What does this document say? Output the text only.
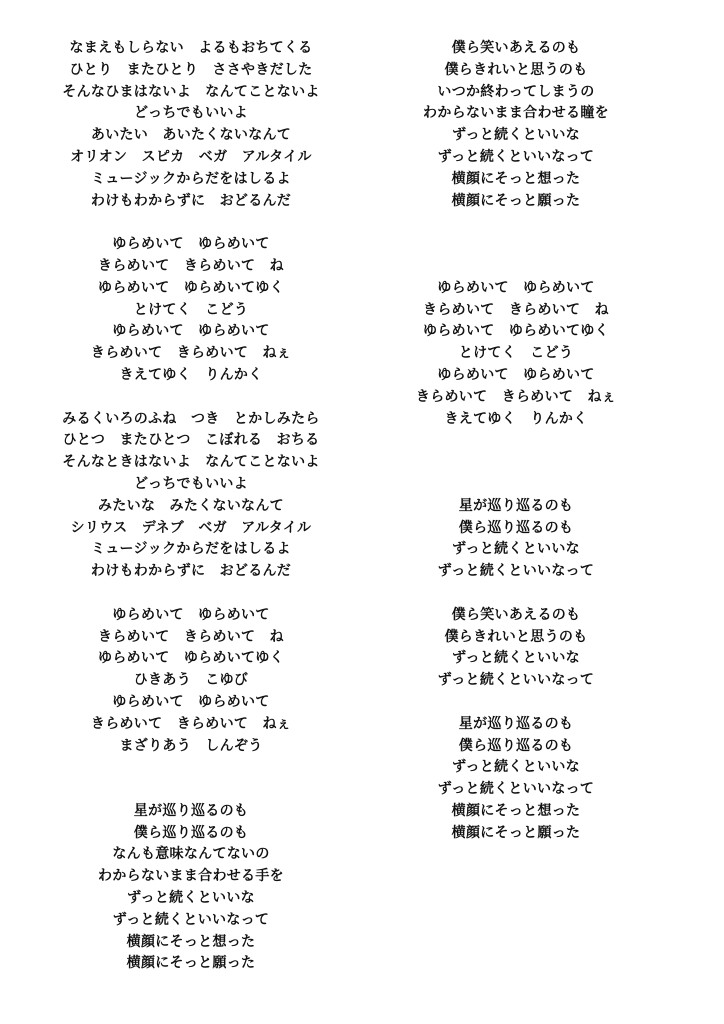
なまえもしらない　よるもおちてくる
ひとり　またひとり　ささやきだした
そんなひまはないよ　なんてことないよ
どっちでもいいよ
あいたい　あいたくないなんて
オリオン　スピカ　ベガ　アルタイル
ミュージックからだをはしるよ
わけもわからずに　おどるんだ
ゆらめいて　ゆらめいて
きらめいて　きらめいて　ね
ゆらめいて　ゆらめいてゆく
とけてく　こどう
ゆらめいて　ゆらめいて
きらめいて　きらめいて　ねぇ
きえてゆく　りんかく
みるくいろのふね　つき　とかしみたら
ひとつ　またひとつ　こぼれる　おちる
そんなときはないよ　なんてことないよ
どっちでもいいよ
みたいな　みたくないなんて
シリウス　デネブ　ベガ　アルタイル
ミュージックからだをはしるよ
わけもわからずに　おどるんだ
ゆらめいて　ゆらめいて
きらめいて　きらめいて　ね
ゆらめいて　ゆらめいてゆく
ひきあう　こゆび
ゆらめいて　ゆらめいて
きらめいて　きらめいて　ねぇ
まざりあう　しんぞう
星が巡り巡るのも
僕ら巡り巡るのも
なんも意味なんてないの
わからないまま合わせる手を
ずっと続くといいな
ずっと続くといいなって
横顔にそっと想った
横顔にそっと願った
僕ら笑いあえるのも
僕らきれいと思うのも
いつか終わってしまうの
わからないまま合わせる瞳を
ずっと続くといいな
ずっと続くといいなって
横顔にそっと想った
横顔にそっと願った
ゆらめいて　ゆらめいて
きらめいて　きらめいて　ね
ゆらめいて　ゆらめいてゆく
とけてく　こどう
ゆらめいて　ゆらめいて
きらめいて　きらめいて　ねぇ
きえてゆく　りんかく
星が巡り巡るのも
僕ら巡り巡るのも
ずっと続くといいな
ずっと続くといいなって
僕ら笑いあえるのも
僕らきれいと思うのも
ずっと続くといいな
ずっと続くといいなって
星が巡り巡るのも
僕ら巡り巡るのも
ずっと続くといいな
ずっと続くといいなって
横顔にそっと想った
横顔にそっと願った
